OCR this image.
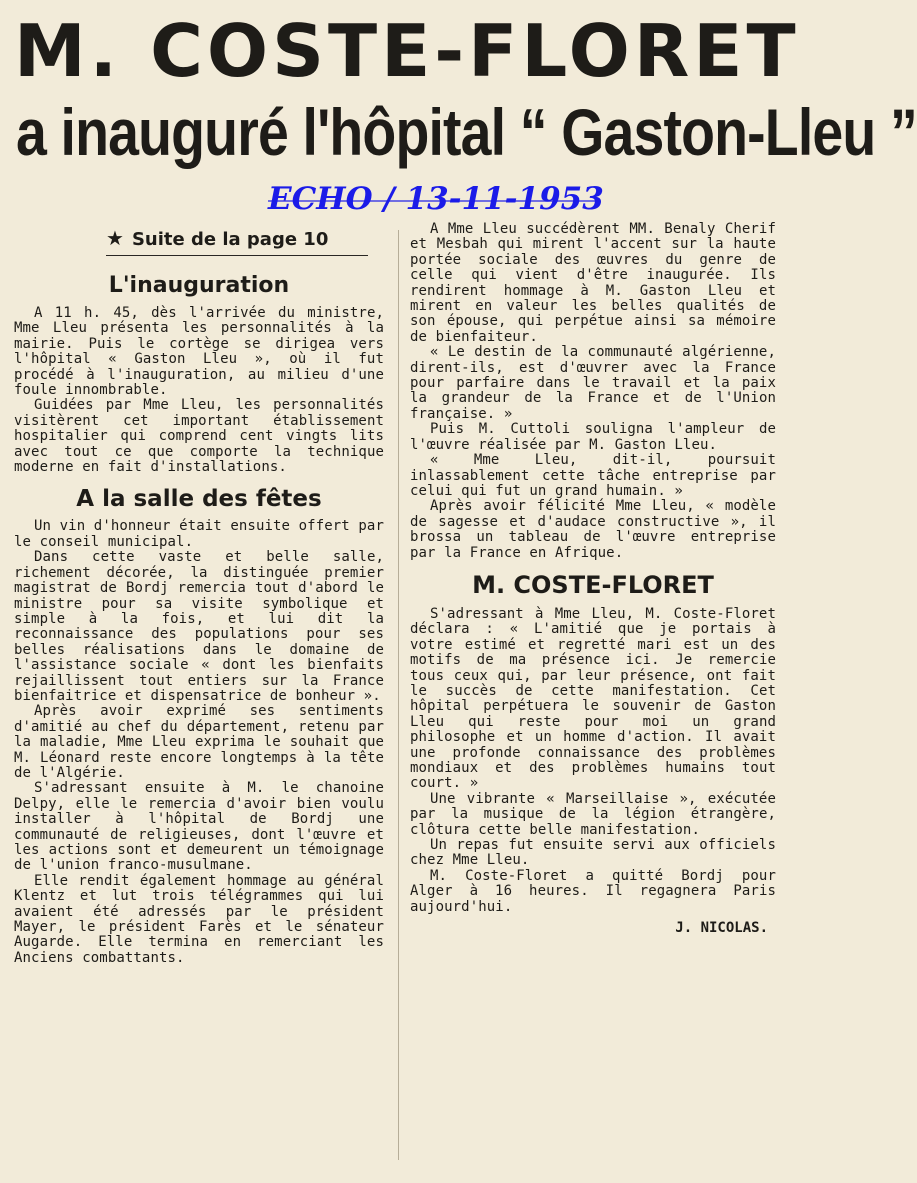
M. COSTE-FLORET
a inauguré l'hôpital “ Gaston-Lleu ”
ECHO / 13-11-1953
★ Suite de la page 10
L'inauguration

A 11 h. 45, dès l'arrivée du ministre, Mme Lleu présenta les personnalités à la mairie. Puis le cortège se dirigea vers l'hôpital « Gaston Lleu », où il fut procédé à l'inauguration, au milieu d'une foule innombrable.

Guidées par Mme Lleu, les personnalités visitèrent cet important établissement hospitalier qui comprend cent vingts lits avec tout ce que comporte la technique moderne en fait d'installations.

A la salle des fêtes

Un vin d'honneur était ensuite offert par le conseil municipal.

Dans cette vaste et belle salle, richement décorée, la distinguée premier magistrat de Bordj remercia tout d'abord le ministre pour sa visite symbolique et simple à la fois, et lui dit la reconnaissance des populations pour ses belles réalisations dans le domaine de l'assistance sociale « dont les bienfaits rejaillissent tout entiers sur la France bienfaitrice et dispensatrice de bonheur ».

Après avoir exprimé ses sentiments d'amitié au chef du département, retenu par la maladie, Mme Lleu exprima le souhait que M. Léonard reste encore longtemps à la tête de l'Algérie.

S'adressant ensuite à M. le chanoine Delpy, elle le remercia d'avoir bien voulu installer à l'hôpital de Bordj une communauté de religieuses, dont l'œuvre et les actions sont et demeurent un témoignage de l'union franco-musulmane.

Elle rendit également hommage au général Klentz et lut trois télégrammes qui lui avaient été adressés par le président Mayer, le président Farès et le sénateur Augarde. Elle termina en remerciant les Anciens combattants.

A Mme Lleu succédèrent MM. Benaly Cherif et Mesbah qui mirent l'accent sur la haute portée sociale des œuvres du genre de celle qui vient d'être inaugurée. Ils rendirent hommage à M. Gaston Lleu et mirent en valeur les belles qualités de son épouse, qui perpétue ainsi sa mémoire de bienfaiteur.

« Le destin de la communauté algérienne, dirent-ils, est d'œuvrer avec la France pour parfaire dans le travail et la paix la grandeur de la France et de l'Union française. »

Puis M. Cuttoli souligna l'ampleur de l'œuvre réalisée par M. Gaston Lleu.

« Mme Lleu, dit-il, poursuit inlassablement cette tâche entreprise par celui qui fut un grand humain. »

Après avoir félicité Mme Lleu, « modèle de sagesse et d'audace constructive », il brossa un tableau de l'œuvre entreprise par la France en Afrique.

M. COSTE-FLORET

S'adressant à Mme Lleu, M. Coste-Floret déclara : « L'amitié que je portais à votre estimé et regretté mari est un des motifs de ma présence ici. Je remercie tous ceux qui, par leur présence, ont fait le succès de cette manifestation. Cet hôpital perpétuera le souvenir de Gaston Lleu qui reste pour moi un grand philosophe et un homme d'action. Il avait une profonde connaissance des problèmes mondiaux et des problèmes humains tout court. »

Une vibrante « Marseillaise », exécutée par la musique de la légion étrangère, clôtura cette belle manifestation.

Un repas fut ensuite servi aux officiels chez Mme Lleu.

M. Coste-Floret a quitté Bordj pour Alger à 16 heures. Il regagnera Paris aujourd'hui.

J. NICOLAS.
